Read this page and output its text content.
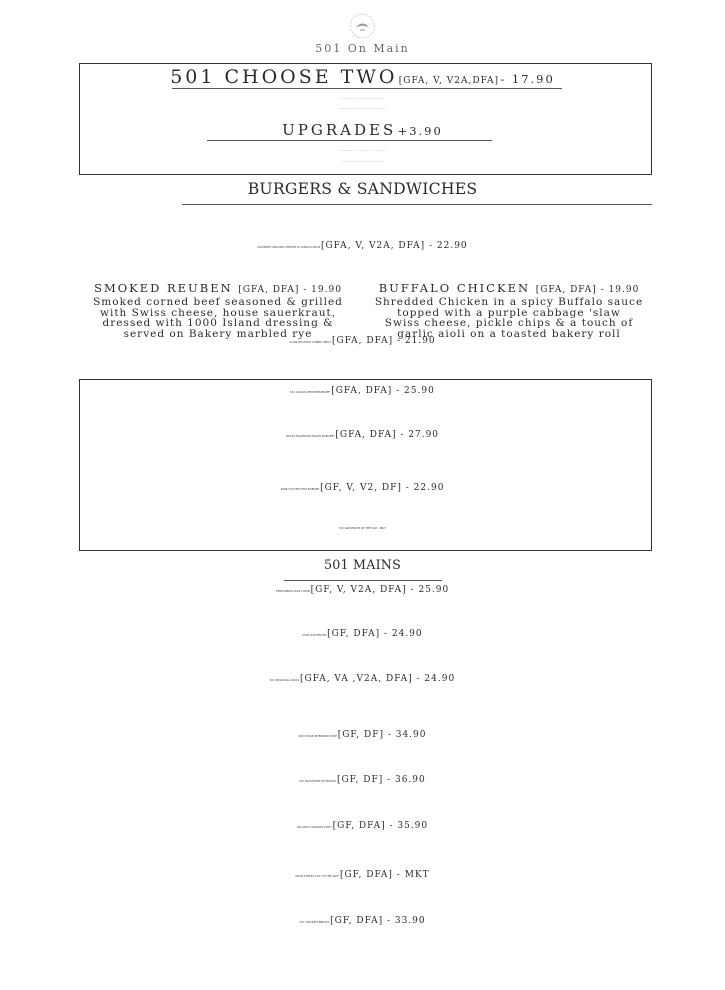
501 On Main
501 CHOOSE TWO [GFA, V, V2A,DFA] - 17.90
HALF HOUSE SALAD - HALF CAESAR SALAD - HALF BRUSCHETTA
TOMATO BASIL CUP - NORWEGIAN CHOWDER CUP - VEGAN CHILI CUP
UPGRADES +3.90
HALF SMOKED REUBEN - HALF TURKEY MELT - HALF 501 WEDGE SALAD
HALF BEET SALAD - BISON CHILI CUP - LOBSTER BISQUE CUP
BURGERS & SANDWICHES
GOURMET GRILLED CHEESE & TOMATO SOUP [GFA, V, V2A, DFA] - 22.90
SMOKED REUBEN [GFA, DFA] - 19.90
Smoked corned beef seasoned & grilled
with Swiss cheese, house sauerkraut,
dressed with 1000 Island dressing &
served on Bakery marbled rye
BUFFALO CHICKEN [GFA, DFA] - 19.90
Shredded Chicken in a spicy Buffalo sauce
topped with a purple cabbage 'slaw
Swiss cheese, pickle chips & a touch of
garlic aioli on a toasted bakery roll
SLOW ROASTED TURKEY MELT [GFA, DFA] - 21.90
501 ANGUS CHEESEBURGER* [GFA, DFA] - 25.90
ROCKY MOUNTAIN BISON BURGER* [GFA, DFA] - 27.90
PARK CITY BEYOND BURGER [GF, V, V2, DF] - 22.90
501 SANDWICH OF THE DAY - MKT
501 MAINS
VEGETARIAN DAILY DISH [GF, V, V2A, DFA] - 25.90
FISH AND FRITES [GF, DFA] - 24.90
501 SEASONAL PASTA [GFA, VA ,V2A, DFA] - 24.90
MOUNTAIN SHEPPARD'S PIE [GF, DF] - 34.90
501 SIGNATURE POTROAST [GF, DF] - 36.90
ATLANTIC SALMON FILET [GF, DFA] - 35.90
MAIN STREET CUT OF THE DAY* [GF, DFA] - MKT
501 CHICKEN BREAST [GF, DFA] - 33.90
